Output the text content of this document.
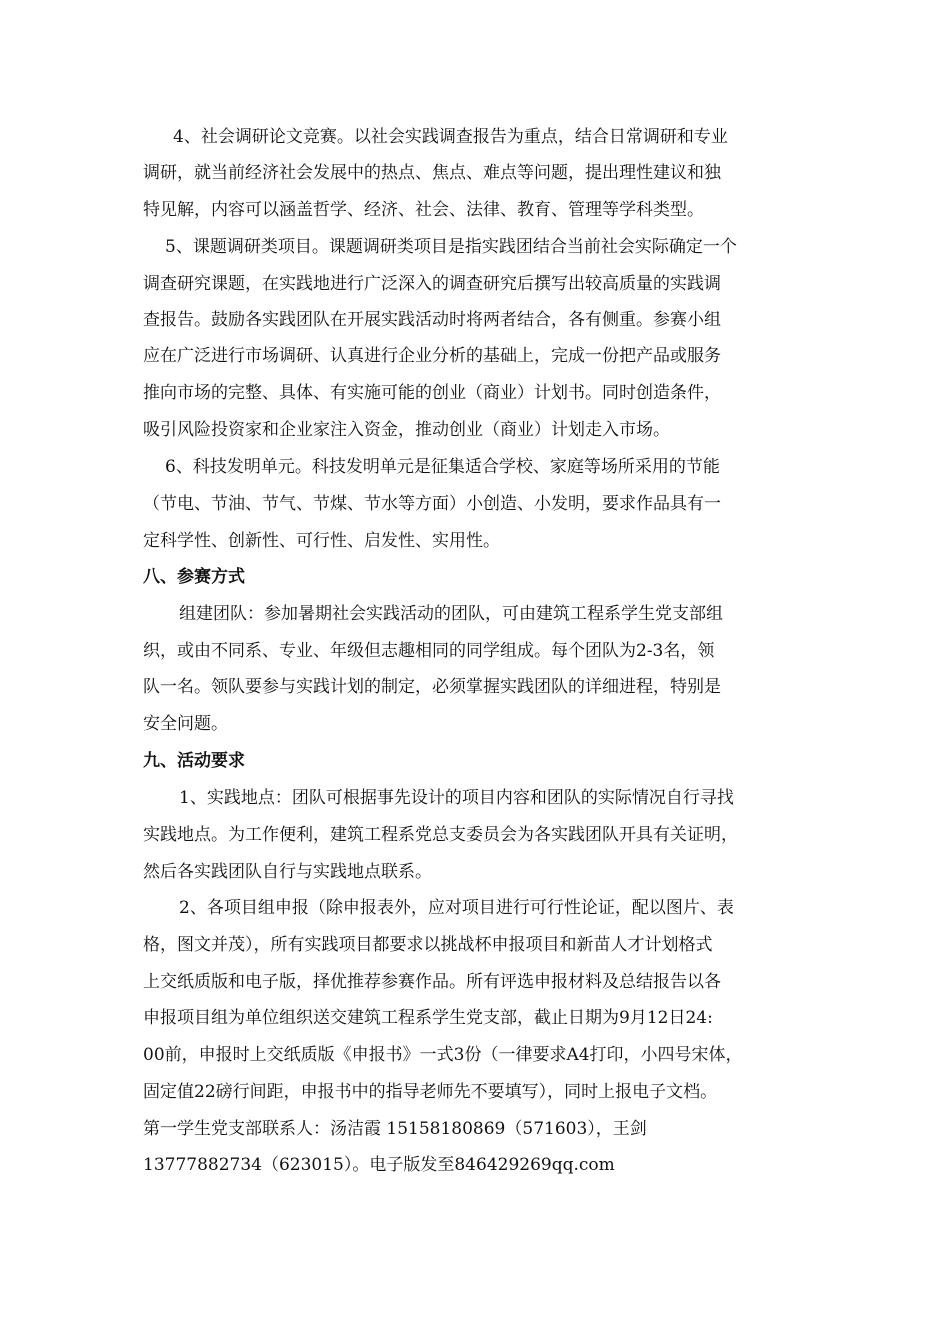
4、社会调研论文竞赛。以社会实践调查报告为重点，结合日常调研和专业
调研，就当前经济社会发展中的热点、焦点、难点等问题，提出理性建议和独
特见解，内容可以涵盖哲学、经济、社会、法律、教育、管理等学科类型。
5、课题调研类项目。课题调研类项目是指实践团结合当前社会实际确定一个
调查研究课题，在实践地进行广泛深入的调查研究后撰写出较高质量的实践调
查报告。鼓励各实践团队在开展实践活动时将两者结合，各有侧重。参赛小组
应在广泛进行市场调研、认真进行企业分析的基础上，完成一份把产品或服务
推向市场的完整、具体、有实施可能的创业（商业）计划书。同时创造条件，
吸引风险投资家和企业家注入资金，推动创业（商业）计划走入市场。
6、科技发明单元。科技发明单元是征集适合学校、家庭等场所采用的节能
（节电、节油、节气、节煤、节水等方面）小创造、小发明，要求作品具有一
定科学性、创新性、可行性、启发性、实用性。
八、参赛方式
组建团队：参加暑期社会实践活动的团队，可由建筑工程系学生党支部组
织，或由不同系、专业、年级但志趣相同的同学组成。每个团队为2-3名，领
队一名。领队要参与实践计划的制定，必须掌握实践团队的详细进程，特别是
安全问题。
九、活动要求
1、实践地点：团队可根据事先设计的项目内容和团队的实际情况自行寻找
实践地点。为工作便利，建筑工程系党总支委员会为各实践团队开具有关证明，
然后各实践团队自行与实践地点联系。
2、各项目组申报（除申报表外，应对项目进行可行性论证，配以图片、表
格，图文并茂），所有实践项目都要求以挑战杯申报项目和新苗人才计划格式
上交纸质版和电子版，择优推荐参赛作品。所有评选申报材料及总结报告以各
申报项目组为单位组织送交建筑工程系学生党支部，截止日期为9月12日24:
00前，申报时上交纸质版《申报书》一式3份（一律要求A4打印，小四号宋体，
固定值22磅行间距，申报书中的指导老师先不要填写），同时上报电子文档。
第一学生党支部联系人：汤洁霞 15158180869（571603），王剑
13777882734（623015）。电子版发至846429269qq.com
